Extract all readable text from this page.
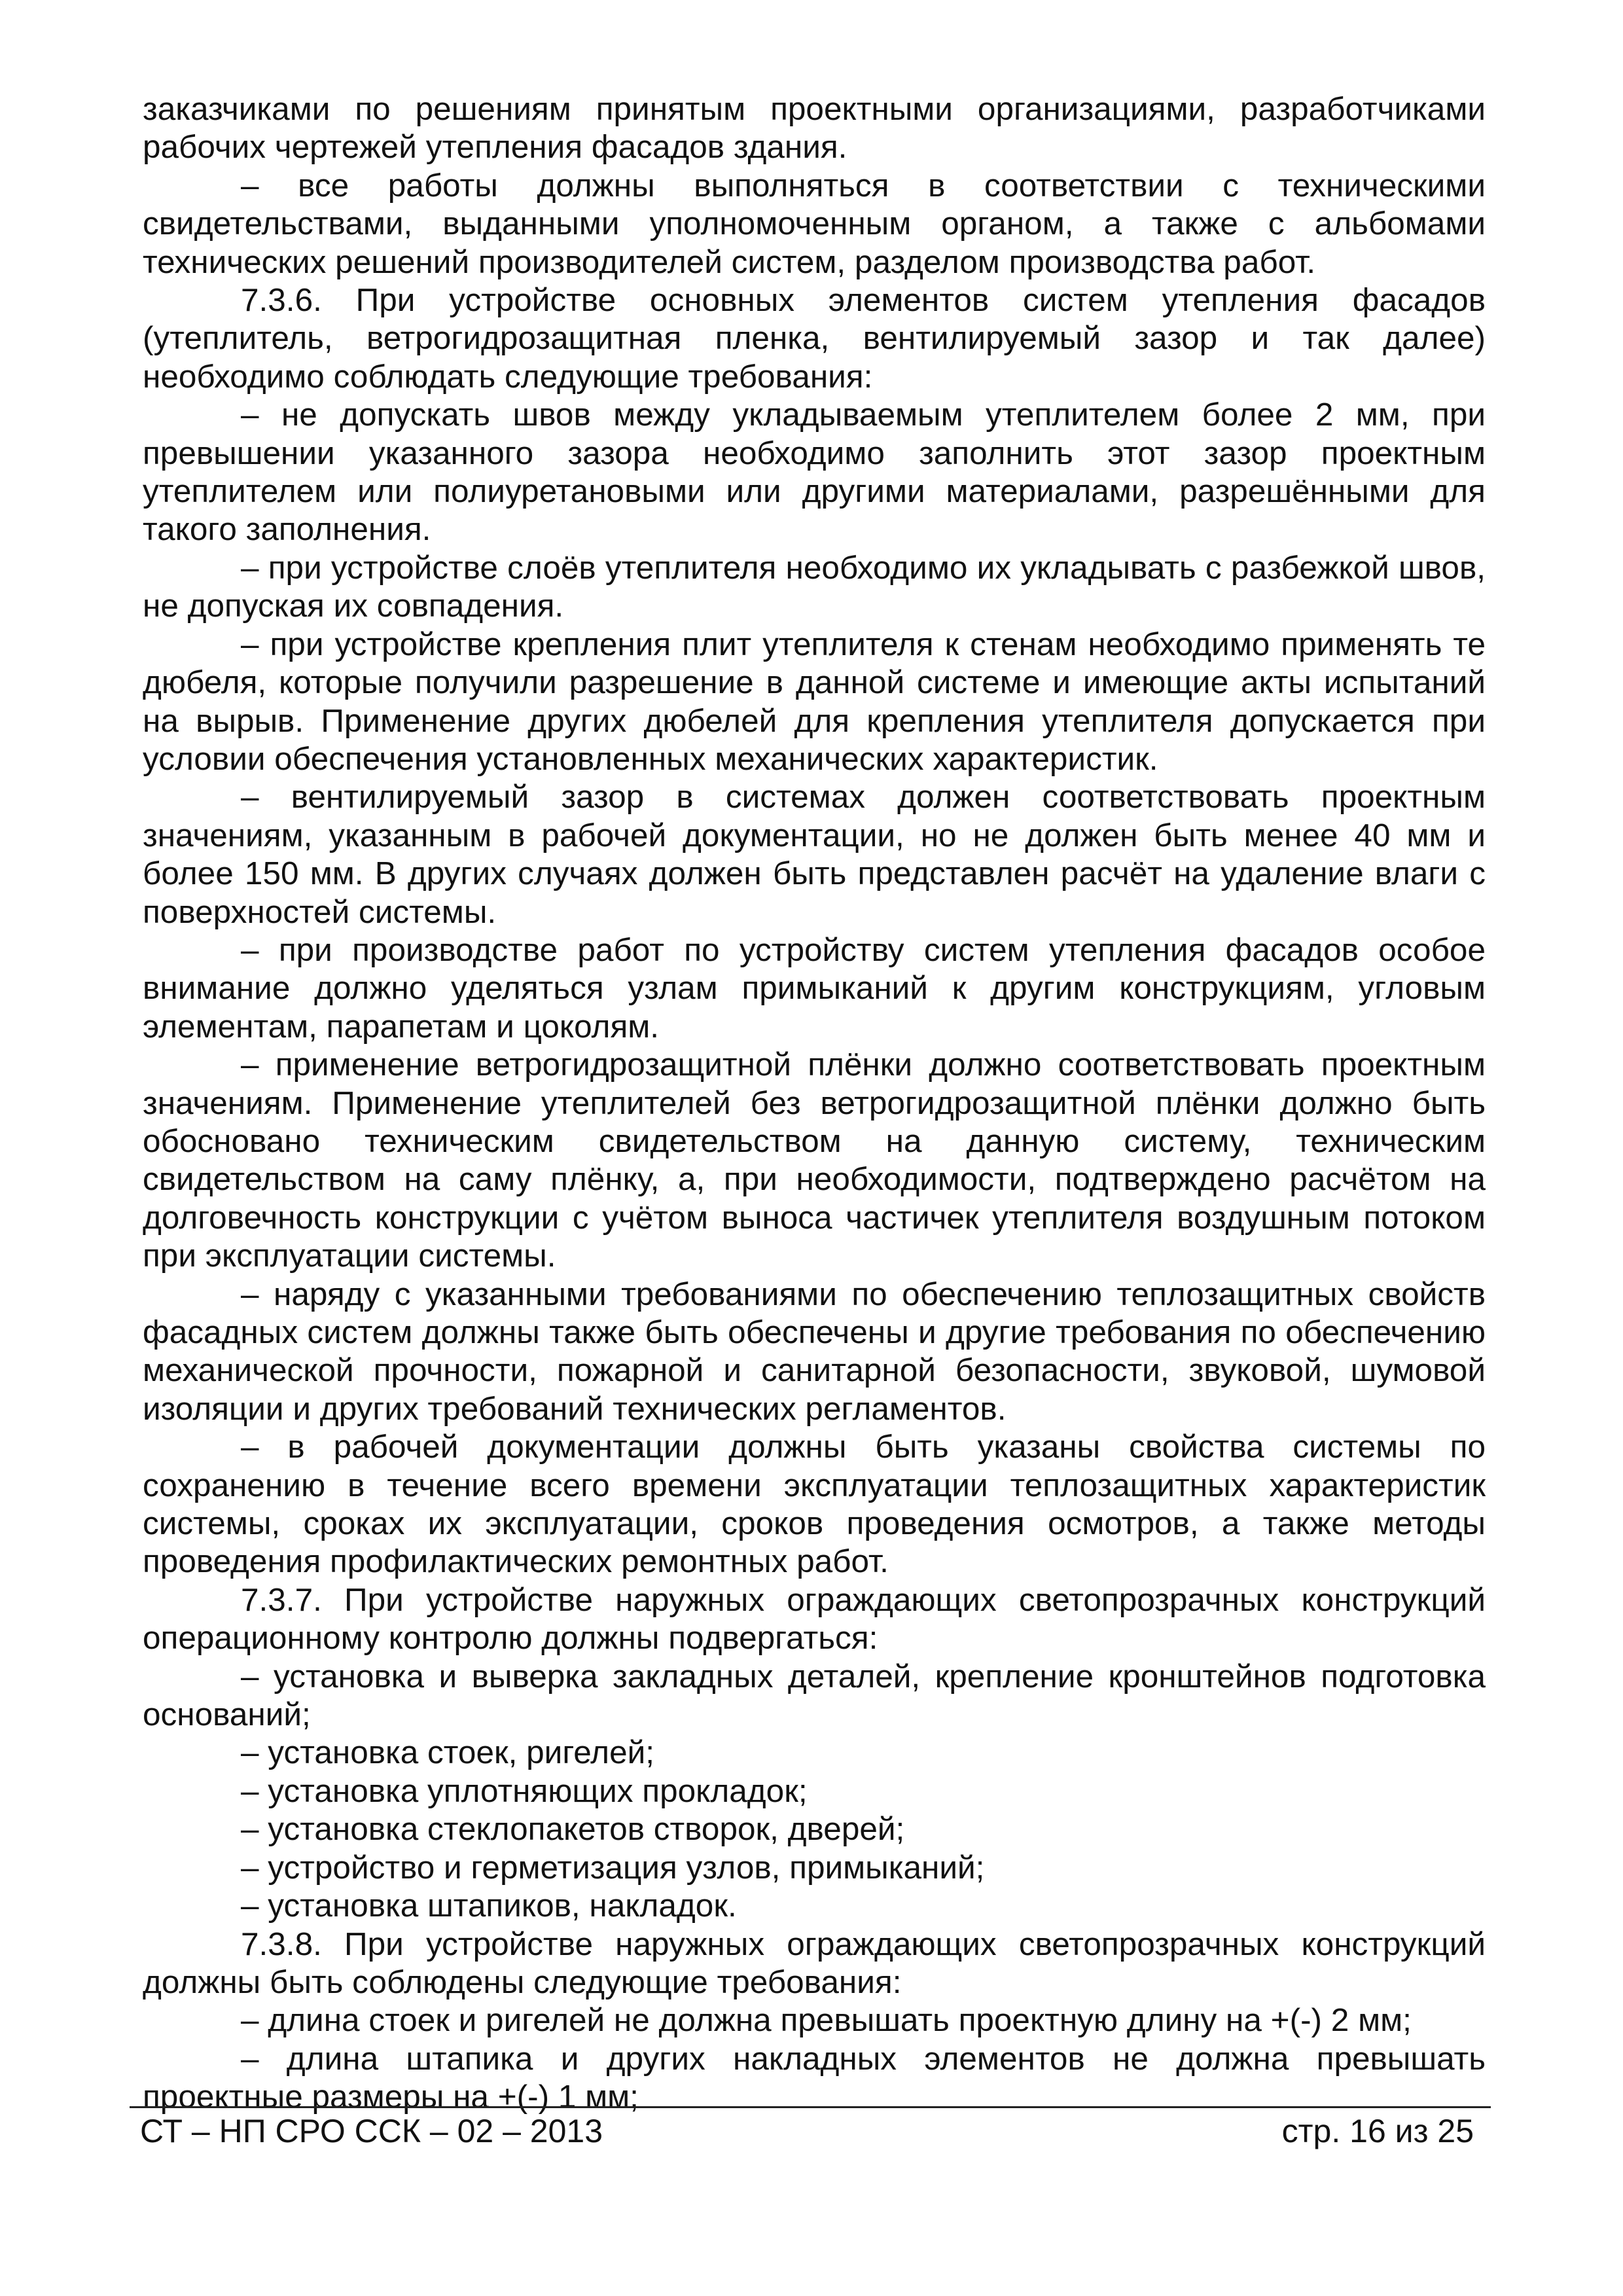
заказчиками по решениям принятым проектными организациями, разработчиками рабочих чертежей утепления фасадов здания.

– все работы должны выполняться в соответствии с техническими свидетельствами, выданными уполномоченным органом, а также с альбомами технических решений производителей систем, разделом производства работ.

7.3.6. При устройстве основных элементов систем утепления фасадов (утеплитель, ветрогидрозащитная пленка, вентилируемый зазор и так далее) необходимо соблюдать следующие требования:

– не допускать швов между укладываемым утеплителем более 2 мм, при превышении указанного зазора необходимо заполнить этот зазор проектным утеплителем или полиуретановыми или другими материалами, разрешёнными для такого заполнения.

– при устройстве слоёв утеплителя необходимо их укладывать с разбежкой швов, не допуская их совпадения.

– при устройстве крепления плит утеплителя к стенам необходимо применять те дюбеля, которые получили разрешение в данной системе и имеющие акты испытаний на вырыв. Применение других дюбелей для крепления утеплителя допускается при условии обеспечения установленных механических характеристик.

– вентилируемый зазор в системах должен соответствовать проектным значениям, указанным в рабочей документации, но не должен быть менее 40 мм и более 150 мм. В других случаях должен быть представлен расчёт на удаление влаги с поверхностей системы.

– при производстве работ по устройству систем утепления фасадов особое внимание должно уделяться узлам примыканий к другим конструкциям, угловым элементам, парапетам и цоколям.

– применение ветрогидрозащитной плёнки должно соответствовать проектным значениям. Применение утеплителей без ветрогидрозащитной плёнки должно быть обосновано техническим свидетельством на данную систему, техническим свидетельством на саму плёнку, а, при необходимости, подтверждено расчётом на долговечность конструкции с учётом выноса частичек утеплителя воздушным потоком при эксплуатации системы.

– наряду с указанными требованиями по обеспечению теплозащитных свойств фасадных систем должны также быть обеспечены и другие требования по обеспечению механической прочности, пожарной и санитарной безопасности, звуковой, шумовой изоляции и других требований технических регламентов.

– в рабочей документации должны быть указаны свойства системы по сохранению в течение всего времени эксплуатации теплозащитных характеристик системы, сроках их эксплуатации, сроков проведения осмотров, а также методы проведения профилактических ремонтных работ.

7.3.7. При устройстве наружных ограждающих светопрозрачных конструкций операционному контролю должны подвергаться:

– установка и выверка закладных деталей, крепление кронштейнов подготовка оснований;

– установка стоек, ригелей;

– установка уплотняющих прокладок;

– установка стеклопакетов створок, дверей;

– устройство и герметизация узлов, примыканий;

– установка штапиков, накладок.

7.3.8. При устройстве наружных ограждающих светопрозрачных конструкций должны быть соблюдены следующие требования:

– длина стоек и ригелей не должна превышать проектную длину на +(-) 2 мм;

– длина штапика и других накладных элементов не должна превышать проектные размеры на +(-) 1 мм;

СТ – НП СРО ССК – 02 – 2013	стр. 16 из 25
